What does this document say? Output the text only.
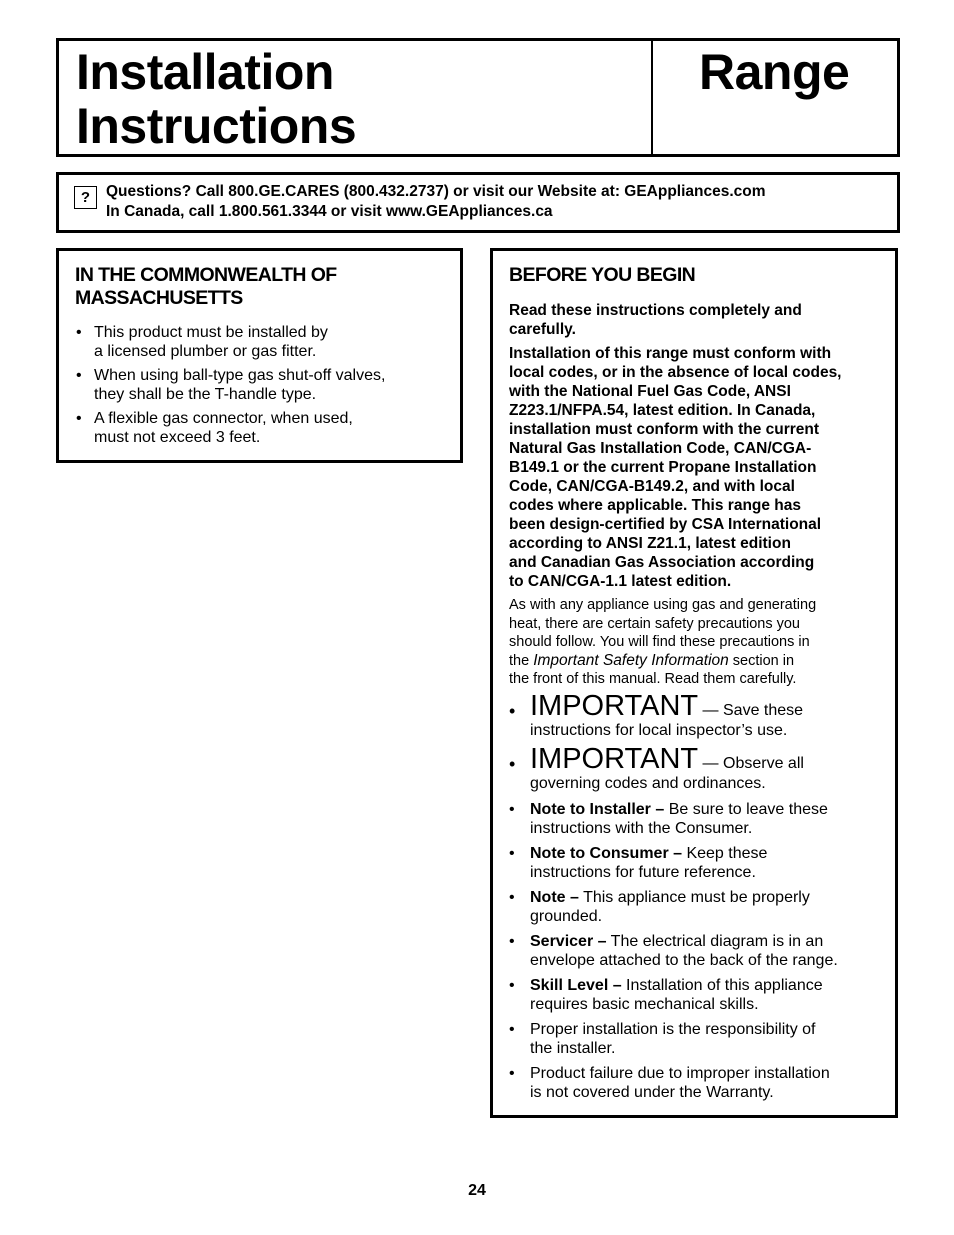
Installation
Instructions
Range
?	Questions? Call 800.GE.CARES (800.432.2737) or visit our Website at: GEAppliances.com
In Canada, call 1.800.561.3344 or visit www.GEAppliances.ca
IN THE COMMONWEALTH OF
MASSACHUSETTS
• This product must be installed by
a licensed plumber or gas fitter.
• When using ball-type gas shut-off valves,
they shall be the T-handle type.
• A flexible gas connector, when used,
must not exceed 3 feet.
BEFORE YOU BEGIN

Read these instructions completely and
carefully.

Installation of this range must conform with
local codes, or in the absence of local codes,
with the National Fuel Gas Code, ANSI
Z223.1/NFPA.54, latest edition. In Canada,
installation must conform with the current
Natural Gas Installation Code, CAN/CGA-
B149.1 or the current Propane Installation
Code, CAN/CGA-B149.2, and with local
codes where applicable. This range has
been design-certified by CSA International
according to ANSI Z21.1, latest edition
and Canadian Gas Association according
to CAN/CGA-1.1 latest edition.

As with any appliance using gas and generating
heat, there are certain safety precautions you
should follow. You will find these precautions in
the Important Safety Information section in
the front of this manual. Read them carefully.

• IMPORTANT — Save these
instructions for local inspector’s use.
• IMPORTANT — Observe all
governing codes and ordinances.
• Note to Installer – Be sure to leave these
instructions with the Consumer.
• Note to Consumer – Keep these
instructions for future reference.
• Note – This appliance must be properly
grounded.
• Servicer – The electrical diagram is in an
envelope attached to the back of the range.
• Skill Level – Installation of this appliance
requires basic mechanical skills.
• Proper installation is the responsibility of
the installer.
• Product failure due to improper installation
is not covered under the Warranty.
24
